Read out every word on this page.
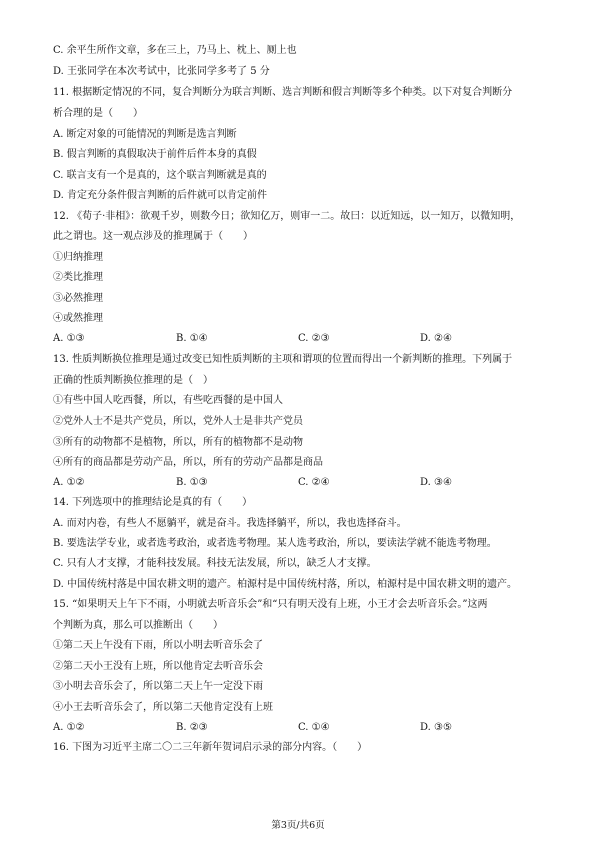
C. 余平生所作文章，多在三上，乃马上、枕上、厕上也
D. 王张同学在本次考试中，比张同学多考了 5 分
11. 根据断定情况的不同，复合判断分为联言判断、选言判断和假言判断等多个种类。以下对复合判断分
析合理的是（　　）
A. 断定对象的可能情况的判断是选言判断
B. 假言判断的真假取决于前件后件本身的真假
C. 联言支有一个是真的，这个联言判断就是真的
D. 肯定充分条件假言判断的后件就可以肯定前件
12. 《荀子·非相》：欲观千岁，则数今日；欲知亿万，则审一二。故曰：以近知远，以一知万，以微知明，
此之谓也。这一观点涉及的推理属于（　　）
①归纳推理
②类比推理
③必然推理
④或然推理
A. ①③	B. ①④	C. ②③	D. ②④
13. 性质判断换位推理是通过改变已知性质判断的主项和谓项的位置而得出一个新判断的推理。下列属于
正确的性质判断换位推理的是（　）
①有些中国人吃西餐，所以，有些吃西餐的是中国人
②党外人士不是共产党员，所以，党外人士是非共产党员
③所有的动物都不是植物，所以，所有的植物都不是动物
④所有的商品都是劳动产品，所以，所有的劳动产品都是商品
A. ①②	B. ①③	C. ②④	D. ③④
14. 下列选项中的推理结论是真的有（　　）
A. 而对内卷，有些人不愿躺平，就是奋斗。我选择躺平，所以，我也选择奋斗。
B. 要选法学专业，或者选考政治，或者选考物理。某人选考政治，所以，要读法学就不能选考物理。
C. 只有人才支撑，才能科技发展。科技无法发展，所以，缺乏人才支撑。
D. 中国传统村落是中国农耕文明的遗产。柏源村是中国传统村落，所以，柏源村是中国农耕文明的遗产。
15. “如果明天上午下不雨，小明就去听音乐会”和“只有明天没有上班，小王才会去听音乐会。”这两
个判断为真，那么可以推断出（　　）
①第二天上午没有下雨，所以小明去听音乐会了
②第二天小王没有上班，所以他肯定去听音乐会
③小明去音乐会了，所以第二天上午一定没下雨
④小王去听音乐会了，所以第二天他肯定没有上班
A. ①②	B. ②③	C. ①④	D. ③⑤
16. 下图为习近平主席二〇二三年新年贺词启示录的部分内容。（　　）
第3页/共6页
